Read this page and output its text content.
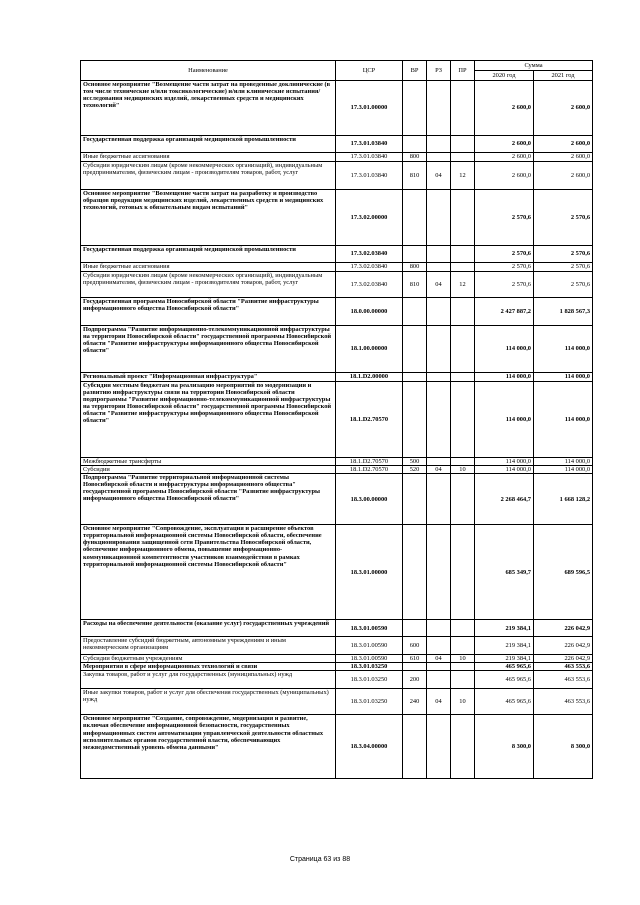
Наименование	ЦСР	ВР	РЗ	ПР	Сумма	
					2020 год	2021 год
Основное мероприятие "Возмещение части затрат на проведенные доклинические (в том числе технические и/или токсикологические) и/или клинические испытания/исследования медицинских изделий, лекарственных средств и медицинских технологий"	17.3.01.00000				2 600,0	2 600,0
Государственная поддержка организаций медицинской промышленности	17.3.01.03840				2 600,0	2 600,0
Иные бюджетные ассигнования	17.3.01.03840	800			2 600,0	2 600,0
Субсидии юридическим лицам (кроме некоммерческих организаций), индивидуальным предпринимателям, физическим лицам - производителям товаров, работ, услуг	17.3.01.03840	810	04	12	2 600,0	2 600,0
Основное мероприятие "Возмещение части затрат на разработку и производство образцов продукции медицинских изделий, лекарственных средств и медицинских технологий, готовых к обязательным видам испытаний"	17.3.02.00000				2 570,6	2 570,6
Государственная поддержка организаций медицинской промышленности	17.3.02.03840				2 570,6	2 570,6
Иные бюджетные ассигнования	17.3.02.03840	800			2 570,6	2 570,6
Субсидии юридическим лицам (кроме некоммерческих организаций), индивидуальным предпринимателям, физическим лицам - производителям товаров, работ, услуг	17.3.02.03840	810	04	12	2 570,6	2 570,6
Государственная программа Новосибирской области "Развитие инфраструктуры информационного общества Новосибирской области"	18.0.00.00000				2 427 887,2	1 828 567,3
Подпрограмма "Развитие информационно-телекоммуникационной инфраструктуры на территории Новосибирской области" государственной программы Новосибирской области "Развитие инфраструктуры информационного общества Новосибирской области"	18.1.00.00000				114 000,0	114 000,0
Региональный проект "Информационная инфраструктура"	18.1.D2.00000				114 000,0	114 000,0
Субсидии местным бюджетам на реализацию мероприятий по модернизации и развитию инфраструктуры связи на территории Новосибирской области подпрограммы "Развитие информационно-телекоммуникационной инфраструктуры на территории Новосибирской области" государственной программы Новосибирской области "Развитие инфраструктуры информационного общества Новосибирской области"	18.1.D2.70570				114 000,0	114 000,0
Межбюджетные трансферты	18.1.D2.70570	500			114 000,0	114 000,0
Субсидии	18.1.D2.70570	520	04	10	114 000,0	114 000,0
Подпрограмма "Развитие территориальной информационной системы Новосибирской области и инфраструктуры информационного общества" государственной программы Новосибирской области "Развитие инфраструктуры информационного общества Новосибирской области"	18.3.00.00000				2 268 464,7	1 668 128,2
Основное мероприятие "Сопровождение, эксплуатация и расширение объектов территориальной информационной системы Новосибирской области, обеспечение функционирования защищенной сети Правительства Новосибирской области, обеспечение информационного обмена, повышение информационно-коммуникационной компетентности участников взаимодействия в рамках территориальной информационной системы Новосибирской области"	18.3.01.00000				685 349,7	689 596,5
Расходы на обеспечение деятельности (оказание услуг) государственных учреждений	18.3.01.00590				219 384,1	226 042,9
Предоставление субсидий бюджетным, автономным учреждениям и иным некоммерческим организациям	18.3.01.00590	600			219 384,1	226 042,9
Субсидии бюджетным учреждениям	18.3.01.00590	610	04	10	219 384,1	226 042,9
Мероприятия в сфере информационных технологий и связи	18.3.01.03250				465 965,6	463 553,6
Закупка товаров, работ и услуг для государственных (муниципальных) нужд	18.3.01.03250	200			465 965,6	463 553,6
Иные закупки товаров, работ и услуг для обеспечения государственных (муниципальных) нужд	18.3.01.03250	240	04	10	465 965,6	463 553,6
Основное мероприятие "Создание, сопровождение, модернизация и развитие, включая обеспечение информационной безопасности, государственных информационных систем автоматизации управленческой деятельности областных исполнительных органов государственной власти, обеспечивающих межведомственный уровень обмена данными"	18.3.04.00000				8 300,0	8 300,0
Страница 63 из 88
